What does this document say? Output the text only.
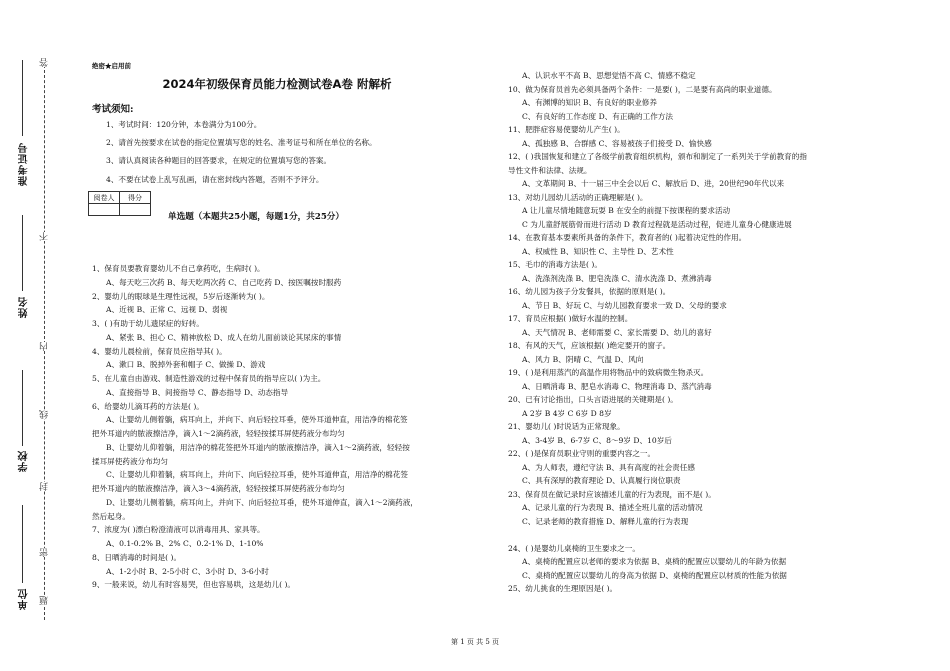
答
不
内
线
封
密
题
准考证号
姓名
学校
单位
绝密★启用前
2024年初级保育员能力检测试卷A卷 附解析
考试须知:
1、考试时间：120分钟，本卷满分为100分。
2、请首先按要求在试卷的指定位置填写您的姓名、准考证号和所在单位的名称。
3、请认真阅读各种题目的回答要求，在规定的位置填写您的答案。
4、不要在试卷上乱写乱画，请在密封线内答题，否则不予评分。
阅卷人	得分

单选题（本题共25小题，每题1分，共25分）
1、保育员要教育婴幼儿不自己拿药吃，生病时( )。
A、每天吃三次药 B、每天吃两次药 C、自己吃药 D、按医嘱按时服药
2、婴幼儿的眼球是生理性远视，5岁后逐渐转为( )。
A、近视 B、正常 C、远视 D、弱视
3、( )有助于幼儿遗尿症的好转。
A、紧张 B、担心 C、精神放松 D、成人在幼儿面前谈论其尿床的事情
4、婴幼儿晨检前，保育员应指导其( )。
A、漱口 B、脱掉外套和帽子 C、做操 D、游戏
5、在儿童自由游戏、制造性游戏的过程中保育员的指导应以( )为主。
A、直接指导 B、间接指导 C、静态指导 D、动态指导
6、给婴幼儿滴耳药的方法是( )。
A、让婴幼儿侧着躺，病耳向上，并向下、向后轻拉耳垂，使外耳道伸直，用洁净的棉花签
把外耳道内的脓液擦洁净，滴入1～2滴药液，轻轻按揉耳屏使药液分布均匀
B、让婴幼儿仰着躺，用洁净的棉花签把外耳道内的脓液擦洁净，滴入1～2滴药液，轻轻按
揉耳屏使药液分布均匀
C、让婴幼儿仰着躺，病耳向上，并向下、向后轻拉耳垂，使外耳道伸直，用洁净的棉花签
把外耳道内的脓液擦洁净，滴入3～4滴药液，轻轻按揉耳屏使药液分布均匀
D、让婴幼儿侧着躺，病耳向上，并向下、向后轻拉耳垂，使外耳道伸直，滴入1～2滴药液，
然后起身。
7、浓度为( )漂白粉澄清液可以消毒用具、家具等。
A、0.1-0.2% B、2% C、0.2-1% D、1-10%
8、日晒消毒的时间是( )。
A、1-2小时 B、2-5小时 C、3小时 D、3-6小时
9、一般来说，幼儿有时容易哭，但也容易哄，这是幼儿( )。
A、认识水平不高 B、思想觉悟不高 C、情感不稳定
10、做为保育员首先必须具备两个条件：一是要( )，二是要有高尚的职业道德。
A、有渊博的知识 B、有良好的职业修养
C、有良好的工作态度 D、有正确的工作方法
11、肥胖症容易使婴幼儿产生( )。
A、孤独感 B、合群感 C、容易被孩子们接受 D、愉快感
12、( )我国恢复和建立了各级学前教育组织机构，颁布和制定了一系列关于学前教育的指
导性文件和法律、法规。
A、文革期间 B、十一届三中全会以后 C、解放后 D、进，20世纪90年代以来
13、对幼儿园幼儿活动的正确理解是( )。
A 让儿童尽情地随意玩耍 B 在安全的前提下按课程的要求活动
C 为儿童舒展筋骨而进行活动 D 教育过程就是活动过程，促进儿童身心健康进展
14、在教育基本要素所具备的条件下，教育者的( )起着决定性的作用。
A、权威性 B、知识性 C、主导性 D、艺术性
15、毛巾的消毒方法是( )。
A、洗涤剂洗涤 B、肥皂洗涤 C、清水洗涤 D、煮沸消毒
16、幼儿园为孩子分发餐具，依据的原则是( )。
A、节日 B、好玩 C、与幼儿园教育要求一致 D、父母的要求
17、育员应根据( )做好水温的控制。
A、天气情况 B、老师需要 C、家长需要 D、幼儿的喜好
18、有风的天气，应该根据( )绝定要开的窗子。
A、风力 B、阴晴 C、气温 D、风向
19、( )是利用蒸汽的高温作用将物品中的致病微生物杀灭。
A、日晒消毒 B、肥皂水消毒 C、物理消毒 D、蒸汽消毒
20、已有讨论指出，口头言语进展的关键期是( )。
A 2岁 B 4岁 C 6岁 D 8岁
21、婴幼儿( )时说话为正常现象。
A、3-4岁 B、6-7岁 C、8～9岁 D、10岁后
22、( )是保育员职业守则的重要内容之一。
A、为人师表，遵纪守法 B、具有高度的社会责任感
C、具有深厚的教育理论 D、认真履行岗位职责
23、保育员在做记录时应该描述儿童的行为表现，而不是( )。
A、记录儿童的行为表现 B、描述全班儿童的活动情况
C、记录老师的教育措施 D、解释儿童的行为表现
24、( )是婴幼儿桌椅的卫生要求之一。
A、桌椅的配置应以老师的要求为依据 B、桌椅的配置应以婴幼儿的年龄为依据
C、桌椅的配置应以婴幼儿的身高为依据 D、桌椅的配置应以材质的性能为依据
25、幼儿挑食的生理原因是( )。
第 1 页 共 5 页
